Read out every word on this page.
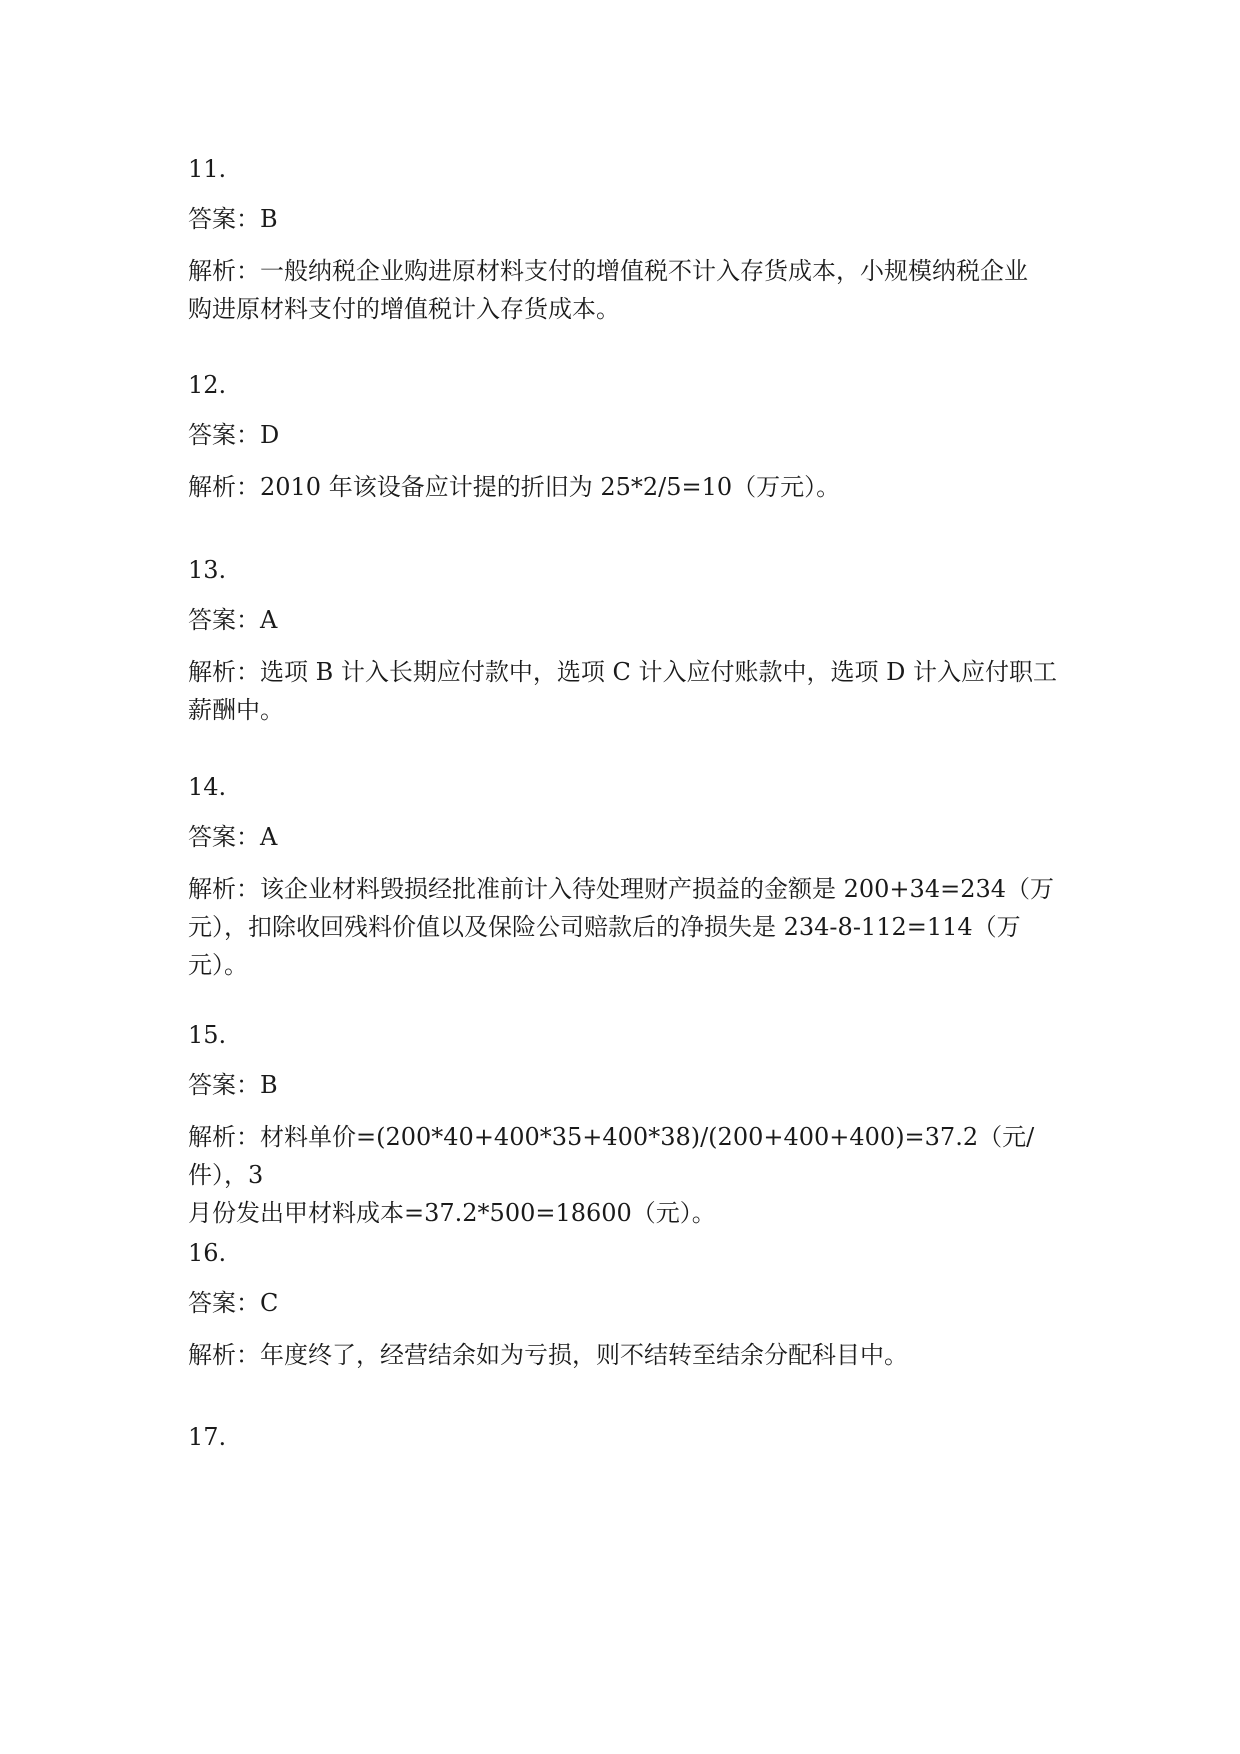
11.

答案：B

解析：一般纳税企业购进原材料支付的增值税不计入存货成本，小规模纳税企业
购进原材料支付的增值税计入存货成本。

12.

答案：D

解析：2010 年该设备应计提的折旧为 25*2/5=10（万元）。

13.

答案：A

解析：选项 B 计入长期应付款中，选项 C 计入应付账款中，选项 D 计入应付职工
薪酬中。

14.

答案：A

解析：该企业材料毁损经批准前计入待处理财产损益的金额是 200+34=234（万
元），扣除收回残料价值以及保险公司赔款后的净损失是 234-8-112=114（万
元）。

15.

答案：B

解析：材料单价=(200*40+400*35+400*38)/(200+400+400)=37.2（元/件），3
月份发出甲材料成本=37.2*500=18600（元）。

16.

答案：C

解析：年度终了，经营结余如为亏损，则不结转至结余分配科目中。

17.
